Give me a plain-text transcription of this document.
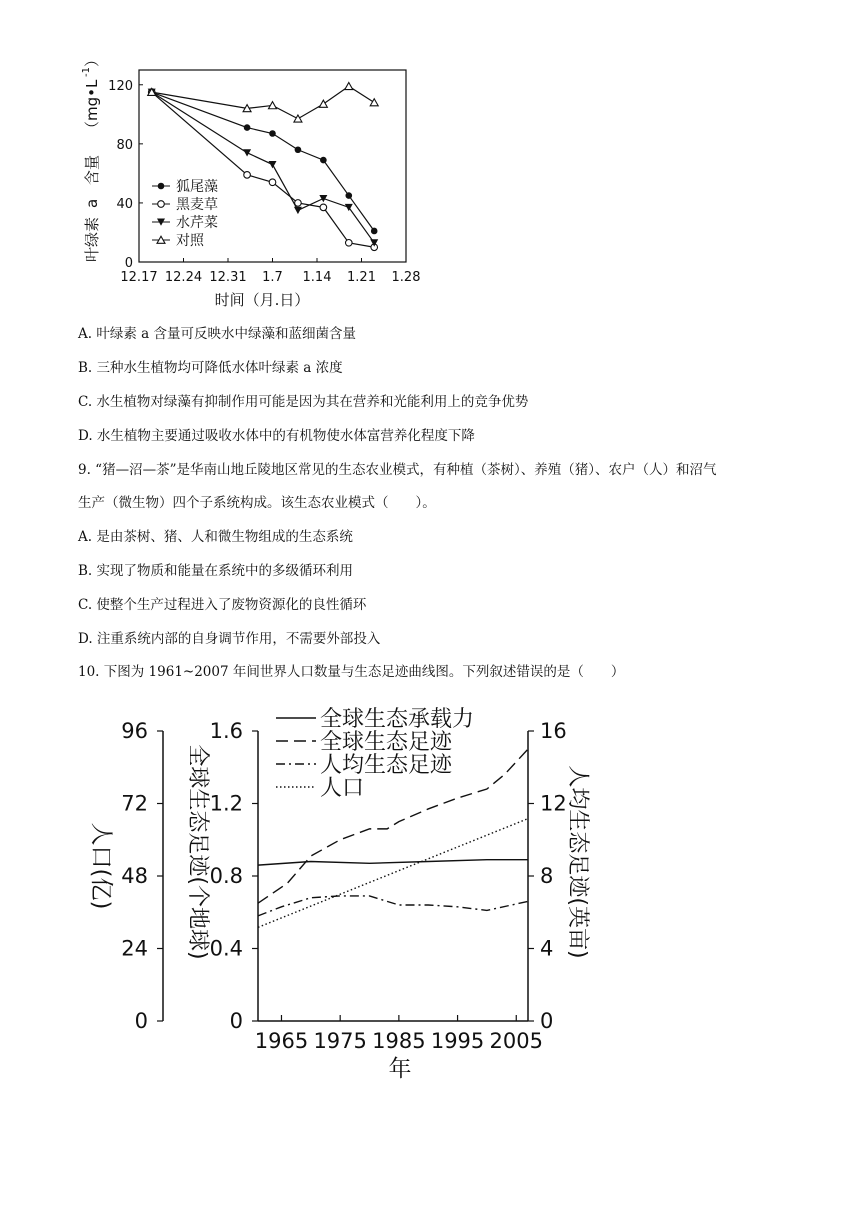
叶绿素
a
含量
（mg•L
-1
）
时间（月.日）
12.17 12.24 12.31 1.7 1.14 1.21 1.28
0
40
80
120
狐尾藻
黑麦草
水芹菜
对照
A. 叶绿素 a 含量可反映水中绿藻和蓝细菌含量
B. 三种水生植物均可降低水体叶绿素 a 浓度
C. 水生植物对绿藻有抑制作用可能是因为其在营养和光能利用上的竞争优势
D. 水生植物主要通过吸收水体中的有机物使水体富营养化程度下降
9. “猪—沼—茶”是华南山地丘陵地区常见的生态农业模式，有种植（茶树）、养殖（猪）、农户（人）和沼气
生产（微生物）四个子系统构成。该生态农业模式（　　）。
A. 是由茶树、猪、人和微生物组成的生态系统
B. 实现了物质和能量在系统中的多级循环利用
C. 使整个生产过程进入了废物资源化的良性循环
D. 注重系统内部的自身调节作用，不需要外部投入
10. 下图为 1961~2007 年间世界人口数量与生态足迹曲线图。下列叙述错误的是（　　）
人口(亿)	全球生态足迹(个地球)	人均生态足迹(英亩)
年
96
72
48
24
0
1.6
1.2
0.8
0.4
0
16
12
8
4
0
1965 1975 1985 1995 2005
全球生态承载力
全球生态足迹
人均生态足迹
人口
